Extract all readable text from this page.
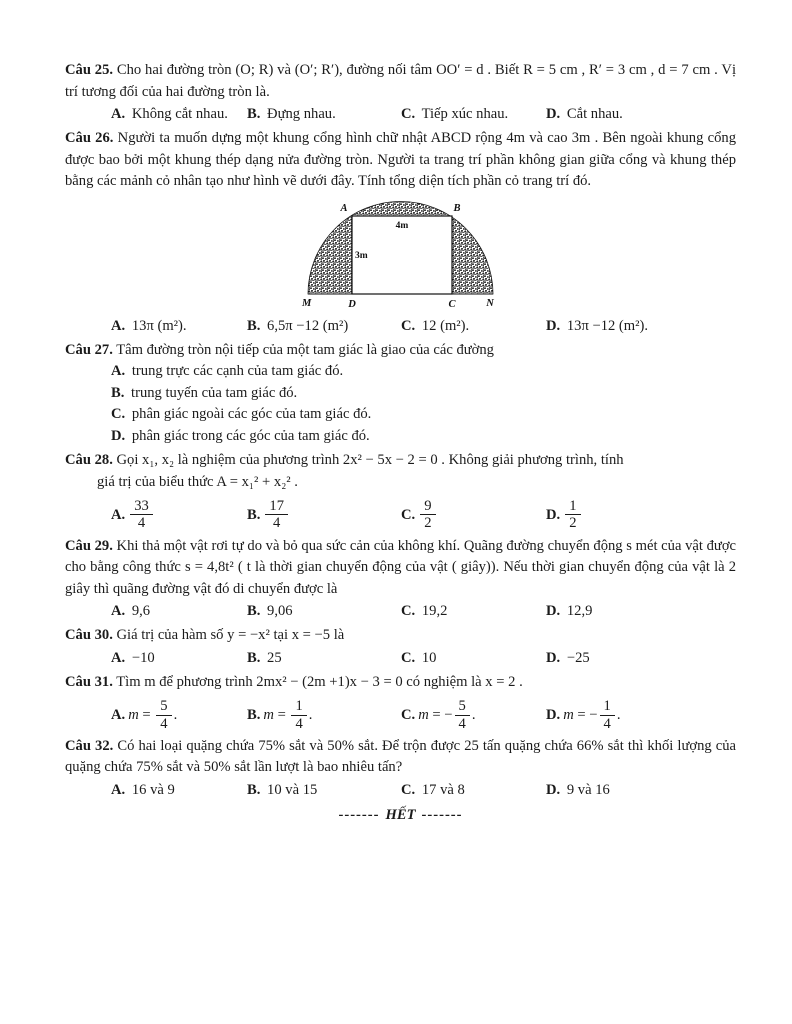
Câu 25. Cho hai đường tròn (O; R) và (O′; R′), đường nối tâm OO′ = d . Biết R = 5 cm , R′ = 3 cm , d = 7 cm . Vị trí tương đối của hai đường tròn là.

A. Không cắt nhau.	B. Đựng nhau.	C. Tiếp xúc nhau.	D. Cắt nhau.

Câu 26. Người ta muốn dựng một khung cổng hình chữ nhật ABCD rộng 4m và cao 3m . Bên ngoài khung cổng được bao bởi một khung thép dạng nửa đường tròn. Người ta trang trí phần không gian giữa cổng và khung thép bằng các mảnh cỏ nhân tạo như hình vẽ dưới đây. Tính tổng diện tích phần cỏ trang trí đó.

A	B
4m
3m
M	D	C	N
A. 13π (m²).	B. 6,5π −12 (m²)	C. 12 (m²).	D. 13π −12 (m²).

Câu 27. Tâm đường tròn nội tiếp của một tam giác là giao của các đường

A. trung trực các cạnh của tam giác đó.
B. trung tuyến của tam giác đó.
C. phân giác ngoài các góc của tam giác đó.
D. phân giác trong các góc của tam giác đó.

Câu 28. Gọi x₁, x₂ là nghiệm của phương trình 2x² − 5x − 2 = 0 . Không giải phương trình, tính

giá trị của biểu thức A = x₁² + x₂² .

A. $\frac{33}{4}$	B. $\frac{17}{4}$	C. $\frac{9}{2}$	D. $\frac{1}{2}$

Câu 29. Khi thả một vật rơi tự do và bỏ qua sức cản của không khí. Quãng đường chuyển động s mét của vật được cho bằng công thức s = 4,8t² ( t là thời gian chuyển động của vật ( giây)). Nếu thời gian chuyển động của vật là 2 giây thì quãng đường vật đó di chuyển được là

A. 9,6	B. 9,06	C. 19,2	D. 12,9

Câu 30. Giá trị của hàm số y = −x² tại x = −5 là

A. −10	B. 25	C. 10	D. −25

Câu 31. Tìm m để phương trình 2mx² − (2m +1)x − 3 = 0 có nghiệm là x = 2 .

A. $m = \frac{5}{4}$ .	B. $m = \frac{1}{4}$ .	C. m = − $\frac{5}{4}$ .	D. m = − $\frac{1}{4}$ .

Câu 32. Có hai loại quặng chứa 75% sắt và 50% sắt. Để trộn được 25 tấn quặng chứa 66% sắt thì khối lượng của quặng chứa 75% sắt và 50% sắt lần lượt là bao nhiêu tấn?

A. 16 và 9	B. 10 và 15	C. 17 và 8	D. 9 và 16
------- HẾT -------
